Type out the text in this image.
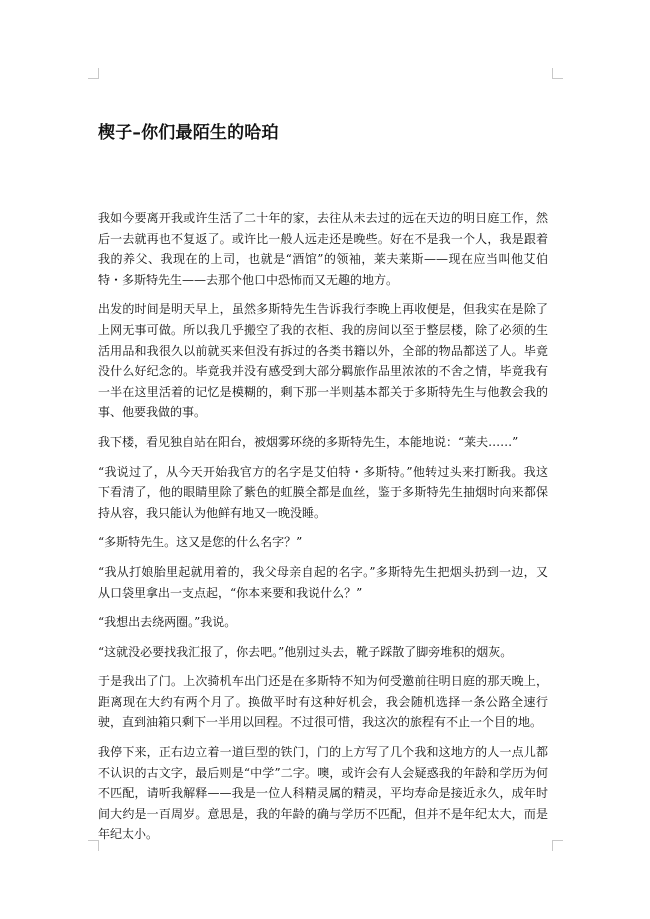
楔子–你们最陌生的哈珀

我如今要离开我或许生活了二十年的家，去往从未去过的远在天边的明日庭工作，然后一去就再也不复返了。或许比一般人远走还是晚些。好在不是我一个人，我是跟着我的养父、我现在的上司，也就是“酒馆”的领袖，莱夫莱斯——现在应当叫他艾伯特・多斯特先生——去那个他口中恐怖而又无趣的地方。

出发的时间是明天早上，虽然多斯特先生告诉我行李晚上再收便是，但我实在是除了上网无事可做。所以我几乎搬空了我的衣柜、我的房间以至于整层楼，除了必须的生活用品和我很久以前就买来但没有拆过的各类书籍以外，全部的物品都送了人。毕竟没什么好纪念的。毕竟我并没有感受到大部分羁旅作品里浓浓的不舍之情，毕竟我有一半在这里活着的记忆是模糊的，剩下那一半则基本都关于多斯特先生与他教会我的事、他要我做的事。

我下楼，看见独自站在阳台，被烟雾环绕的多斯特先生，本能地说：“莱夫……”

“我说过了，从今天开始我官方的名字是艾伯特・多斯特。”他转过头来打断我。我这下看清了，他的眼睛里除了紫色的虹膜全都是血丝，鉴于多斯特先生抽烟时向来都保持从容，我只能认为他鲜有地又一晚没睡。

“多斯特先生。这又是您的什么名字？”

“我从打娘胎里起就用着的，我父母亲自起的名字。”多斯特先生把烟头扔到一边，又从口袋里拿出一支点起，“你本来要和我说什么？”

“我想出去绕两圈。”我说。

“这就没必要找我汇报了，你去吧。”他别过头去，靴子踩散了脚旁堆积的烟灰。

于是我出了门。上次骑机车出门还是在多斯特不知为何受邀前往明日庭的那天晚上，距离现在大约有两个月了。换做平时有这种好机会，我会随机选择一条公路全速行驶，直到油箱只剩下一半用以回程。不过很可惜，我这次的旅程有不止一个目的地。

我停下来，正右边立着一道巨型的铁门，门的上方写了几个我和这地方的人一点儿都不认识的古文字，最后则是“中学”二字。噢，或许会有人会疑惑我的年龄和学历为何不匹配，请听我解释——我是一位人科精灵属的精灵，平均寿命是接近永久，成年时间大约是一百周岁。意思是，我的年龄的确与学历不匹配，但并不是年纪太大，而是年纪太小。
